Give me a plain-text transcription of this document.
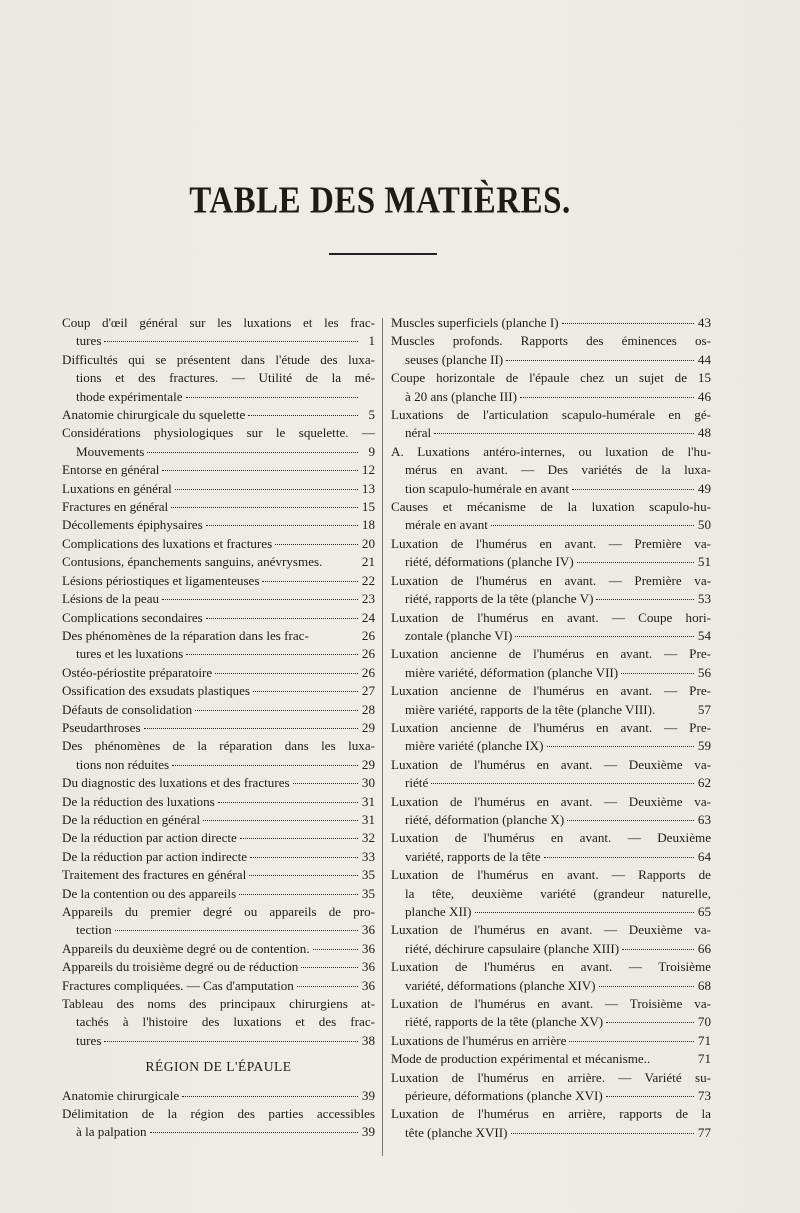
TABLE DES MATIÈRES.
Coup d'œil général sur les luxations et les frac-
tures	1
Difficultés qui se présentent dans l'étude des luxa-
tions et des fractures. — Utilité de la mé-
thode expérimentale
Anatomie chirurgicale du squelette	5
Considérations physiologiques sur le squelette. —
Mouvements	9
Entorse en général	12
Luxations en général	13
Fractures en général	15
Décollements épiphysaires	18
Complications des luxations et fractures	20
Contusions, épanchements sanguins, anévrysmes.	21
Lésions périostiques et ligamenteuses	22
Lésions de la peau	23
Complications secondaires	24
Des phénomènes de la réparation dans les frac-	26
tures et les luxations	26
Ostéo-périostite préparatoire	26
Ossification des exsudats plastiques	27
Défauts de consolidation	28
Pseudarthroses	29
Des phénomènes de la réparation dans les luxa-
tions non réduites	29
Du diagnostic des luxations et des fractures	30
De la réduction des luxations	31
De la réduction en général	31
De la réduction par action directe	32
De la réduction par action indirecte	33
Traitement des fractures en général	35
De la contention ou des appareils	35
Appareils du premier degré ou appareils de pro-
tection	36
Appareils du deuxième degré ou de contention.	36
Appareils du troisième degré ou de réduction	36
Fractures compliquées. — Cas d'amputation	36
Tableau des noms des principaux chirurgiens at-
tachés à l'histoire des luxations et des frac-
tures	38
RÉGION DE L'ÉPAULE
Anatomie chirurgicale	39
Délimitation de la région des parties accessibles
à la palpation	39
Muscles superficiels (planche I)	43
Muscles profonds. Rapports des éminences os-
seuses (planche II)	44
Coupe horizontale de l'épaule chez un sujet de 15
à 20 ans (planche III)	46
Luxations de l'articulation scapulo-humérale en gé-
néral	48
A. Luxations antéro-internes, ou luxation de l'hu-
mérus en avant. — Des variétés de la luxa-
tion scapulo-humérale en avant	49
Causes et mécanisme de la luxation scapulo-hu-
mérale en avant	50
Luxation de l'humérus en avant. — Première va-
riété, déformations (planche IV)	51
Luxation de l'humérus en avant. — Première va-
riété, rapports de la tête (planche V)	53
Luxation de l'humérus en avant. — Coupe hori-
zontale (planche VI)	54
Luxation ancienne de l'humérus en avant. — Pre-
mière variété, déformation (planche VII)	56
Luxation ancienne de l'humérus en avant. — Pre-
mière variété, rapports de la tête (planche VIII).	57
Luxation ancienne de l'humérus en avant. — Pre-
mière variété (planche IX)	59
Luxation de l'humérus en avant. — Deuxième va-
riété	62
Luxation de l'humérus en avant. — Deuxième va-
riété, déformation (planche X)	63
Luxation de l'humérus en avant. — Deuxième
variété, rapports de la tête	64
Luxation de l'humérus en avant. — Rapports de
la tête, deuxième variété (grandeur naturelle,
planche XII)	65
Luxation de l'humérus en avant. — Deuxième va-
riété, déchirure capsulaire (planche XIII)	66
Luxation de l'humérus en avant. — Troisième
variété, déformations (planche XIV)	68
Luxation de l'humérus en avant. — Troisième va-
riété, rapports de la tête (planche XV)	70
Luxations de l'humérus en arrière	71
Mode de production expérimental et mécanisme..	71
Luxation de l'humérus en arrière. — Variété su-
périeure, déformations (planche XVI)	73
Luxation de l'humérus en arrière, rapports de la
tête (planche XVII)	77
